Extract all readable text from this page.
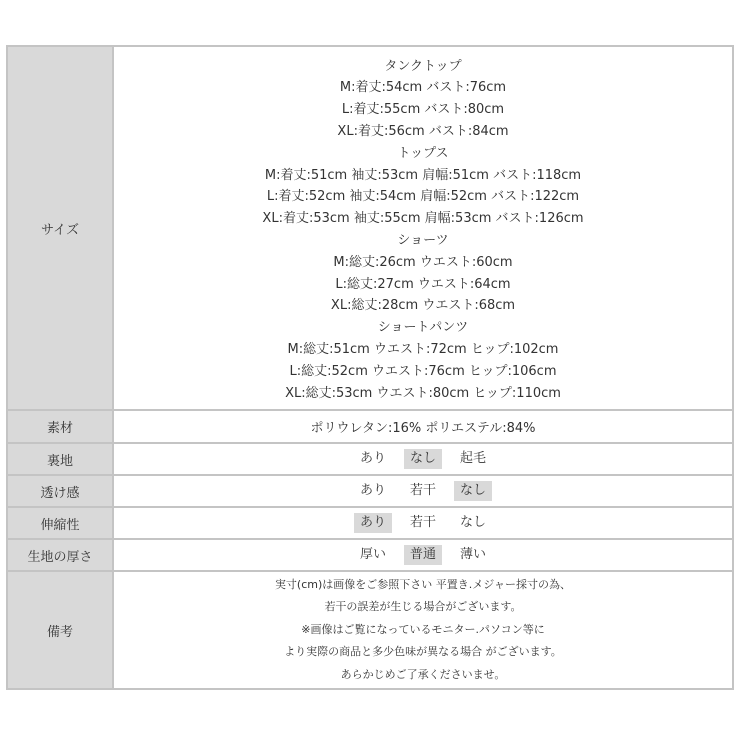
サイズ	
タンクトップ
M:着丈:54cm バスト:76cm
L:着丈:55cm バスト:80cm
XL:着丈:56cm バスト:84cm
トップス
M:着丈:51cm 袖丈:53cm 肩幅:51cm バスト:118cm
L:着丈:52cm 袖丈:54cm 肩幅:52cm バスト:122cm
XL:着丈:53cm 袖丈:55cm 肩幅:53cm バスト:126cm
ショーツ
M:総丈:26cm ウエスト:60cm
L:総丈:27cm ウエスト:64cm
XL:総丈:28cm ウエスト:68cm
ショートパンツ
M:総丈:51cm ウエスト:72cm ヒップ:102cm
L:総丈:52cm ウエスト:76cm ヒップ:106cm
XL:総丈:53cm ウエスト:80cm ヒップ:110cm

素材	ポリウレタン:16% ポリエステル:84%
裏地	あり なし 起毛

透け感	あり 若干 なし

伸縮性	あり 若干 なし

生地の厚さ	厚い 普通 薄い

備考	実寸(cm)は画像をご参照下さい 平置き.メジャー採寸の為、
若干の誤差が生じる場合がございます。
※画像はご覧になっているモニター.パソコン等に
より実際の商品と多少色味が異なる場合 がございます。
あらかじめご了承くださいませ。
